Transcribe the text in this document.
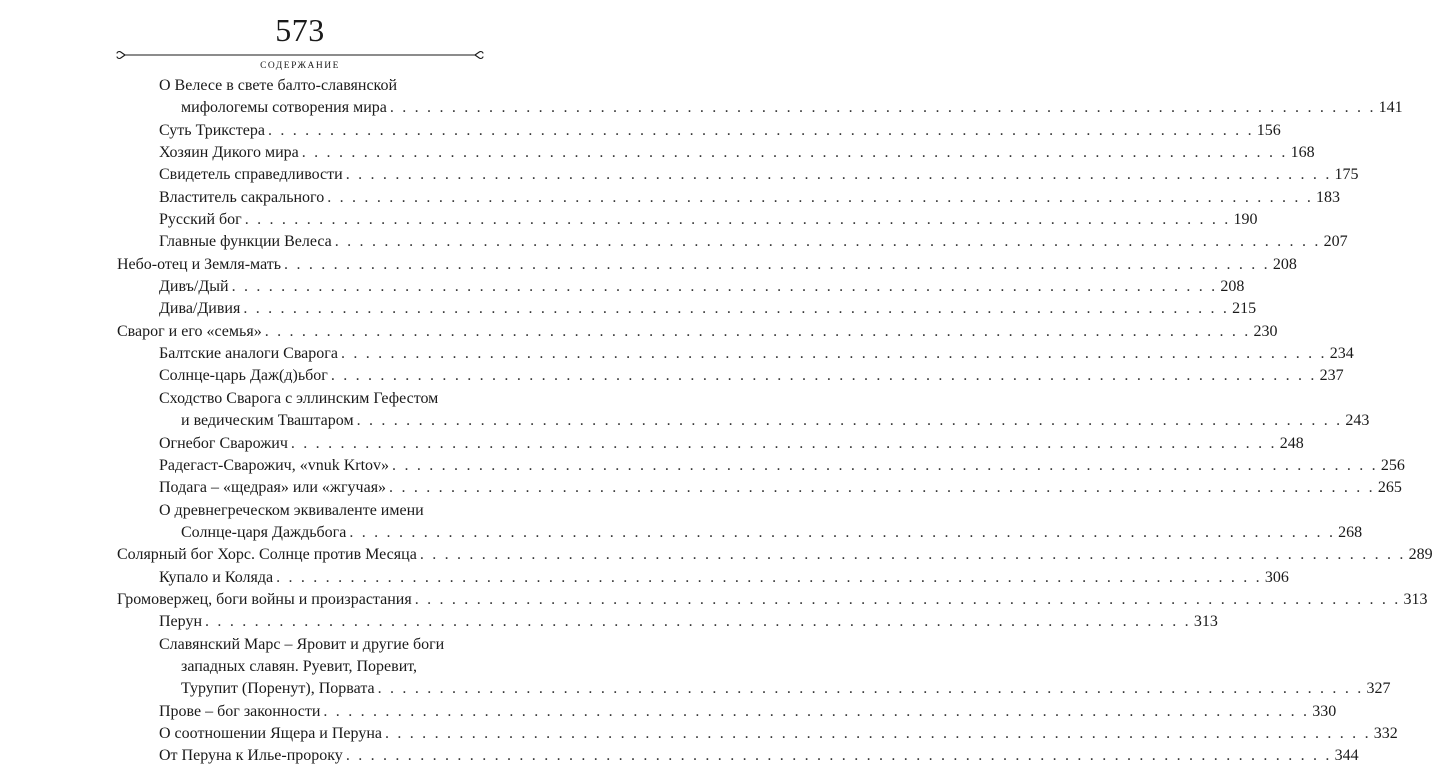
573
СОДЕРЖАНИЕ
О Велесе в свете балто-славянской
мифологемы сотворения мира . . . . . . . . . . . . . . . . . . . . . . . . . . . . . . . . . . . . . . . . . . . . . . . . . . . . . . . . . . . . . . . . . . . . . . . . . . . . . . . . 141
Суть Трикстера . . . . . . . . . . . . . . . . . . . . . . . . . . . . . . . . . . . . . . . . . . . . . . . . . . . . . . . . . . . . . . . . . . . . . . . . . . . . . . . . 156
Хозяин Дикого мира . . . . . . . . . . . . . . . . . . . . . . . . . . . . . . . . . . . . . . . . . . . . . . . . . . . . . . . . . . . . . . . . . . . . . . . . . . . . . . . . 168
Свидетель справедливости . . . . . . . . . . . . . . . . . . . . . . . . . . . . . . . . . . . . . . . . . . . . . . . . . . . . . . . . . . . . . . . . . . . . . . . . . . . . . . . . 175
Властитель сакрального . . . . . . . . . . . . . . . . . . . . . . . . . . . . . . . . . . . . . . . . . . . . . . . . . . . . . . . . . . . . . . . . . . . . . . . . . . . . . . . . 183
Русский бог . . . . . . . . . . . . . . . . . . . . . . . . . . . . . . . . . . . . . . . . . . . . . . . . . . . . . . . . . . . . . . . . . . . . . . . . . . . . . . . . 190
Главные функции Велеса . . . . . . . . . . . . . . . . . . . . . . . . . . . . . . . . . . . . . . . . . . . . . . . . . . . . . . . . . . . . . . . . . . . . . . . . . . . . . . . . 207
Небо-отец и Земля-мать . . . . . . . . . . . . . . . . . . . . . . . . . . . . . . . . . . . . . . . . . . . . . . . . . . . . . . . . . . . . . . . . . . . . . . . . . . . . . . . . 208
Дивъ/Дый . . . . . . . . . . . . . . . . . . . . . . . . . . . . . . . . . . . . . . . . . . . . . . . . . . . . . . . . . . . . . . . . . . . . . . . . . . . . . . . . 208
Дива/Дивия . . . . . . . . . . . . . . . . . . . . . . . . . . . . . . . . . . . . . . . . . . . . . . . . . . . . . . . . . . . . . . . . . . . . . . . . . . . . . . . . 215
Сварог и его «семья» . . . . . . . . . . . . . . . . . . . . . . . . . . . . . . . . . . . . . . . . . . . . . . . . . . . . . . . . . . . . . . . . . . . . . . . . . . . . . . . . 230
Балтские аналоги Сварога . . . . . . . . . . . . . . . . . . . . . . . . . . . . . . . . . . . . . . . . . . . . . . . . . . . . . . . . . . . . . . . . . . . . . . . . . . . . . . . . 234
Солнце-царь Даж(д)ьбог . . . . . . . . . . . . . . . . . . . . . . . . . . . . . . . . . . . . . . . . . . . . . . . . . . . . . . . . . . . . . . . . . . . . . . . . . . . . . . . . 237
Сходство Сварога с эллинским Гефестом
и ведическим Тваштаром . . . . . . . . . . . . . . . . . . . . . . . . . . . . . . . . . . . . . . . . . . . . . . . . . . . . . . . . . . . . . . . . . . . . . . . . . . . . . . . . 243
Огнебог Сварожич . . . . . . . . . . . . . . . . . . . . . . . . . . . . . . . . . . . . . . . . . . . . . . . . . . . . . . . . . . . . . . . . . . . . . . . . . . . . . . . . 248
Радегаст-Сварожич, «vnuk Krtov» . . . . . . . . . . . . . . . . . . . . . . . . . . . . . . . . . . . . . . . . . . . . . . . . . . . . . . . . . . . . . . . . . . . . . . . . . . . . . . . . 256
Подага – «щедрая» или «жгучая» . . . . . . . . . . . . . . . . . . . . . . . . . . . . . . . . . . . . . . . . . . . . . . . . . . . . . . . . . . . . . . . . . . . . . . . . . . . . . . . . 265
О древнегреческом эквиваленте имени
Солнце-царя Даждьбога . . . . . . . . . . . . . . . . . . . . . . . . . . . . . . . . . . . . . . . . . . . . . . . . . . . . . . . . . . . . . . . . . . . . . . . . . . . . . . . . 268
Солярный бог Хорс. Солнце против Месяца . . . . . . . . . . . . . . . . . . . . . . . . . . . . . . . . . . . . . . . . . . . . . . . . . . . . . . . . . . . . . . . . . . . . . . . . . . . . . . . . 289
Купало и Коляда . . . . . . . . . . . . . . . . . . . . . . . . . . . . . . . . . . . . . . . . . . . . . . . . . . . . . . . . . . . . . . . . . . . . . . . . . . . . . . . . 306
Громовержец, боги войны и произрастания . . . . . . . . . . . . . . . . . . . . . . . . . . . . . . . . . . . . . . . . . . . . . . . . . . . . . . . . . . . . . . . . . . . . . . . . . . . . . . . . 313
Перун . . . . . . . . . . . . . . . . . . . . . . . . . . . . . . . . . . . . . . . . . . . . . . . . . . . . . . . . . . . . . . . . . . . . . . . . . . . . . . . . 313
Славянский Марс – Яровит и другие боги
западных славян. Руевит, Поревит,
Турупит (Поренут), Порвата . . . . . . . . . . . . . . . . . . . . . . . . . . . . . . . . . . . . . . . . . . . . . . . . . . . . . . . . . . . . . . . . . . . . . . . . . . . . . . . . 327
Прове – бог законности . . . . . . . . . . . . . . . . . . . . . . . . . . . . . . . . . . . . . . . . . . . . . . . . . . . . . . . . . . . . . . . . . . . . . . . . . . . . . . . . 330
О соотношении Ящера и Перуна . . . . . . . . . . . . . . . . . . . . . . . . . . . . . . . . . . . . . . . . . . . . . . . . . . . . . . . . . . . . . . . . . . . . . . . . . . . . . . . . 332
От Перуна к Илье-пророку . . . . . . . . . . . . . . . . . . . . . . . . . . . . . . . . . . . . . . . . . . . . . . . . . . . . . . . . . . . . . . . . . . . . . . . . . . . . . . . . 344
